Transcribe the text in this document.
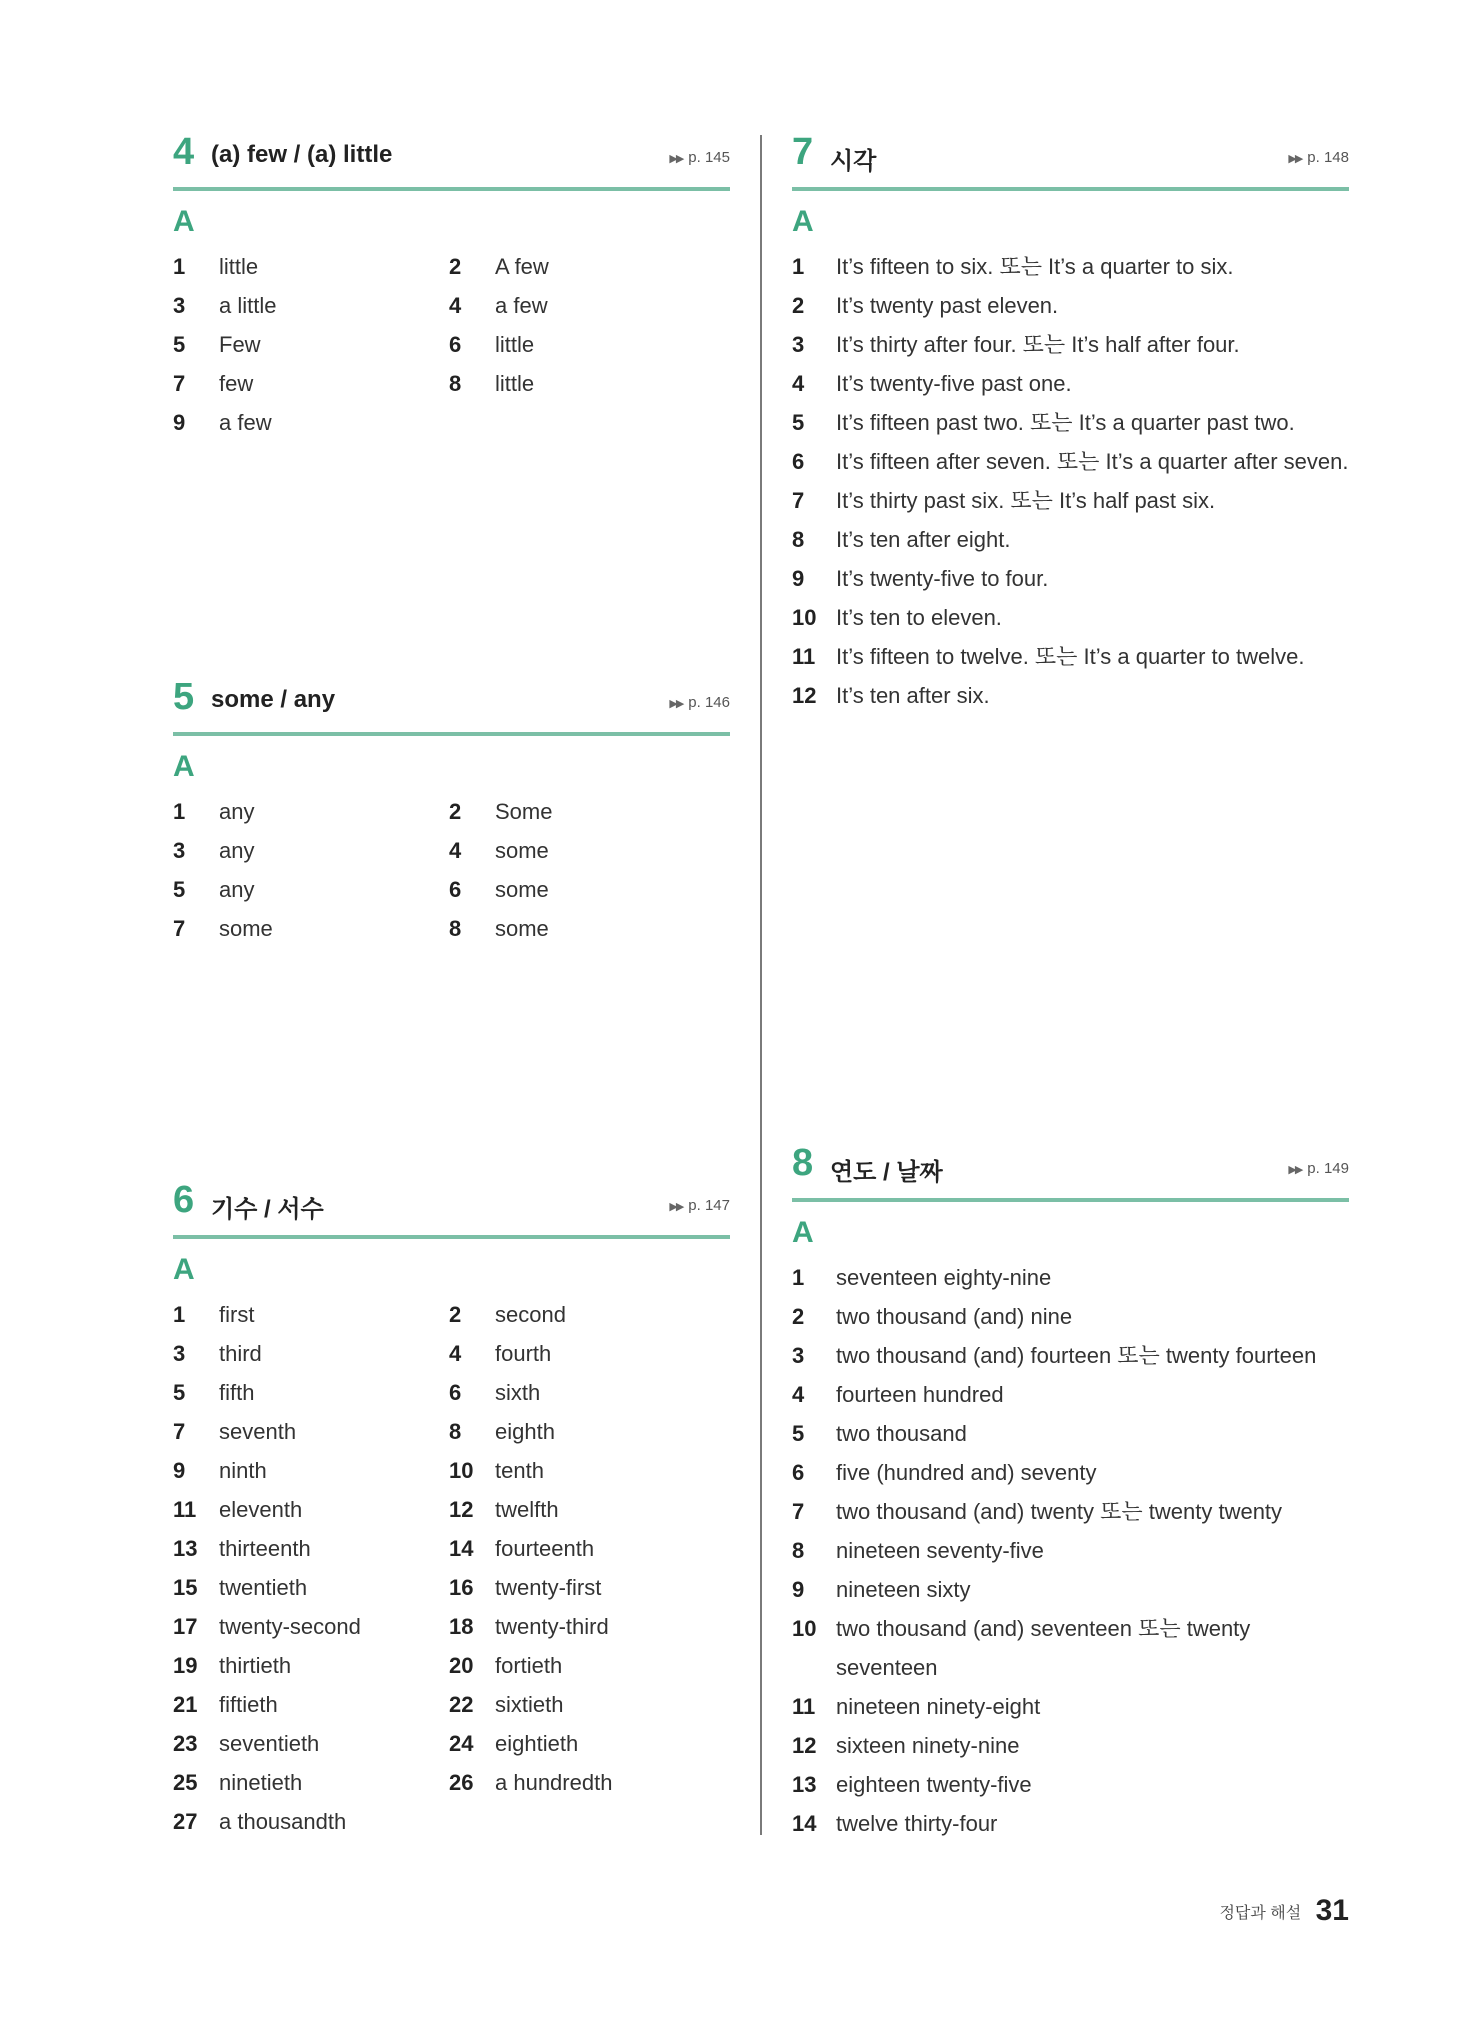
4 (a) few / (a) little	▶▶ p. 145
A
1	little	2	A few
3	a little	4	a few
5	Few	6	little
7	few	8	little
9	a few
5 some / any	▶▶ p. 146
A
1	any	2	Some
3	any	4	some
5	any	6	some
7	some	8	some
6 기수 / 서수	▶▶ p. 147
A
1	first	2	second
3	third	4	fourth
5	fifth	6	sixth
7	seventh	8	eighth
9	ninth	10 tenth
11	eleventh	12 twelfth
13 thirteenth	14 fourteenth
15 twentieth	16 twenty-first
17 twenty-second	18 twenty-third
19 thirtieth	20 fortieth
21 fiftieth	22 sixtieth
23 seventieth	24 eightieth
25 ninetieth	26 a hundredth
27 a thousandth
7 시각	▶▶ p. 148
A
1	It’s fifteen to six. 또는 It’s a quarter to six.
2	It’s twenty past eleven.
3	It’s thirty after four. 또는 It’s half after four.
4	It’s twenty-five past one.
5	It’s fifteen past two. 또는 It’s a quarter past two.
6	It’s fifteen after seven. 또는 It’s a quarter after seven.
7	It’s thirty past six. 또는 It’s half past six.
8	It’s ten after eight.
9	It’s twenty-five to four.
10 It’s ten to eleven.
11 It’s fifteen to twelve. 또는 It’s a quarter to twelve.
12 It’s ten after six.
8 연도 / 날짜	▶▶ p. 149
A
1	seventeen eighty-nine
2	two thousand (and) nine
3	two thousand (and) fourteen 또는 twenty fourteen
4	fourteen hundred
5	two thousand
6	five (hundred and) seventy
7	two thousand (and) twenty 또는 twenty twenty
8	nineteen seventy-five
9	nineteen sixty
10 two thousand (and) seventeen 또는 twenty seventeen
11 nineteen ninety-eight
12 sixteen ninety-nine
13 eighteen twenty-five
14 twelve thirty-four
정답과 해설 31
